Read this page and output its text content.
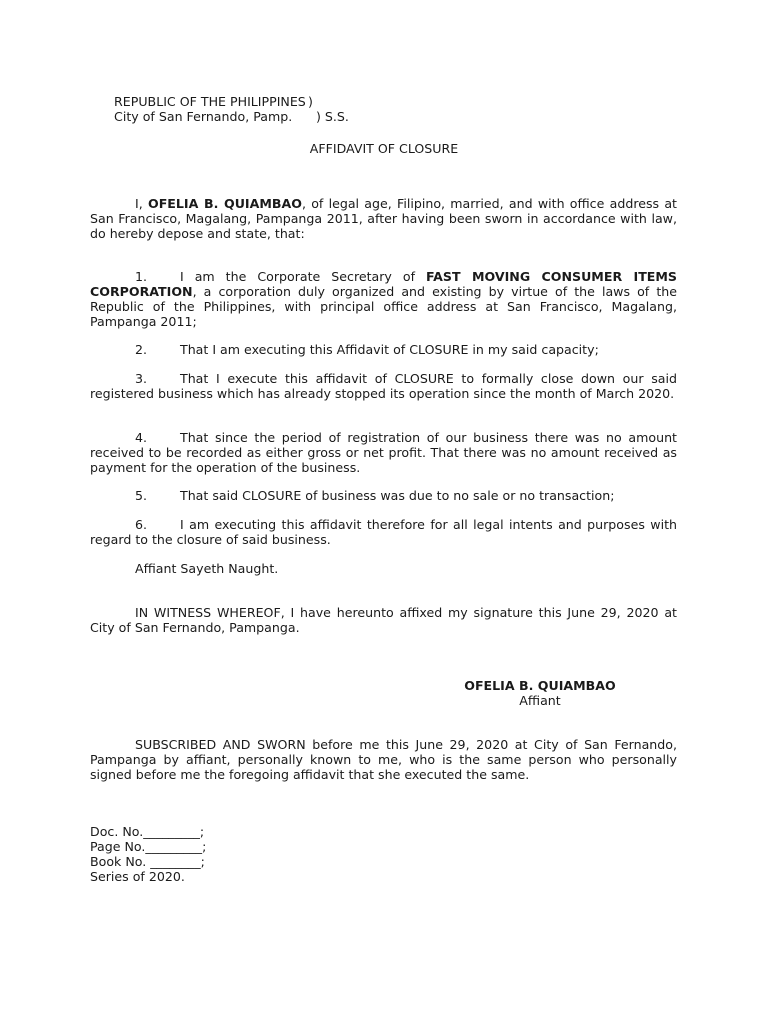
REPUBLIC OF THE PHILIPPINES )

City of San Fernando, Pamp. ) S.S.

AFFIDAVIT OF CLOSURE
I, OFELIA B. QUIAMBAO, of legal age, Filipino, married, and with office address at San Francisco, Magalang, Pampanga 2011, after having been sworn in accordance with law, do hereby depose and state, that:
1.	I am the Corporate Secretary of FAST MOVING CONSUMER ITEMS CORPORATION, a corporation duly organized and existing by virtue of the laws of the Republic of the Philippines, with principal office address at San Francisco, Magalang, Pampanga 2011;
2.	That I am executing this Affidavit of CLOSURE in my said capacity;
3.	That I execute this affidavit of CLOSURE to formally close down our said registered business which has already stopped its operation since the month of March 2020.
4.	That since the period of registration of our business there was no amount received to be recorded as either gross or net profit. That there was no amount received as payment for the operation of the business.
5.	That said CLOSURE of business was due to no sale or no transaction;
6.	I am executing this affidavit therefore for all legal intents and purposes with regard to the closure of said business.
Affiant Sayeth Naught.
IN WITNESS WHEREOF, I have hereunto affixed my signature this June 29, 2020 at City of San Fernando, Pampanga.
OFELIA B. QUIAMBAO
Affiant
SUBSCRIBED AND SWORN before me this June 29, 2020 at City of San Fernando, Pampanga by affiant, personally known to me, who is the same person who personally signed before me the foregoing affidavit that she executed the same.
Doc. No._________;
Page No._________;
Book No. ________;
Series of 2020.
